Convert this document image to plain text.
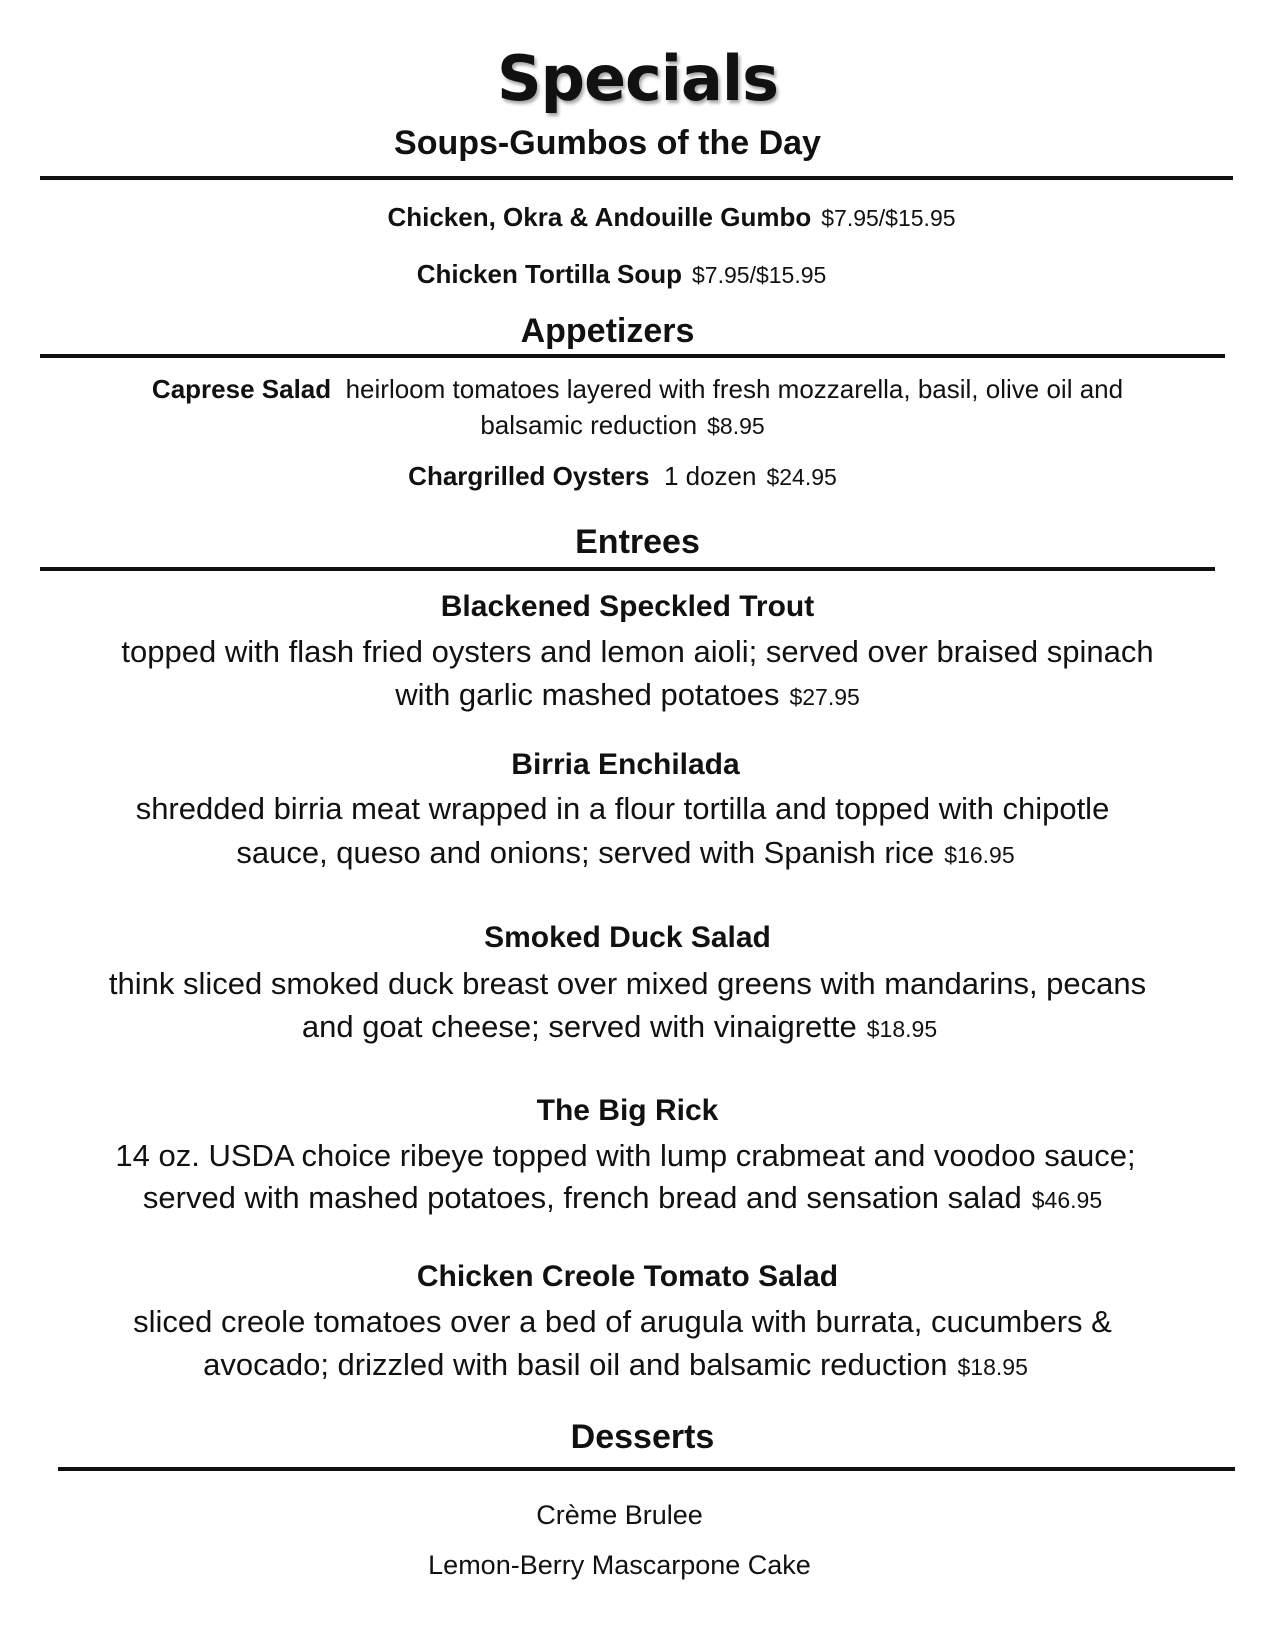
Specials
Soups-Gumbos of the Day
Chicken, Okra & Andouille Gumbo $7.95/$15.95
Chicken Tortilla Soup $7.95/$15.95
Appetizers
Caprese Salad heirloom tomatoes layered with fresh mozzarella, basil, olive oil and
balsamic reduction $8.95
Chargrilled Oysters 1 dozen $24.95
Entrees
Blackened Speckled Trout
topped with flash fried oysters and lemon aioli; served over braised spinach
with garlic mashed potatoes $27.95
Birria Enchilada
shredded birria meat wrapped in a flour tortilla and topped with chipotle
sauce, queso and onions; served with Spanish rice $16.95
Smoked Duck Salad
think sliced smoked duck breast over mixed greens with mandarins, pecans
and goat cheese; served with vinaigrette $18.95
The Big Rick
14 oz. USDA choice ribeye topped with lump crabmeat and voodoo sauce;
served with mashed potatoes, french bread and sensation salad $46.95
Chicken Creole Tomato Salad
sliced creole tomatoes over a bed of arugula with burrata, cucumbers &
avocado; drizzled with basil oil and balsamic reduction $18.95
Desserts
Crème Brulee
Lemon-Berry Mascarpone Cake
